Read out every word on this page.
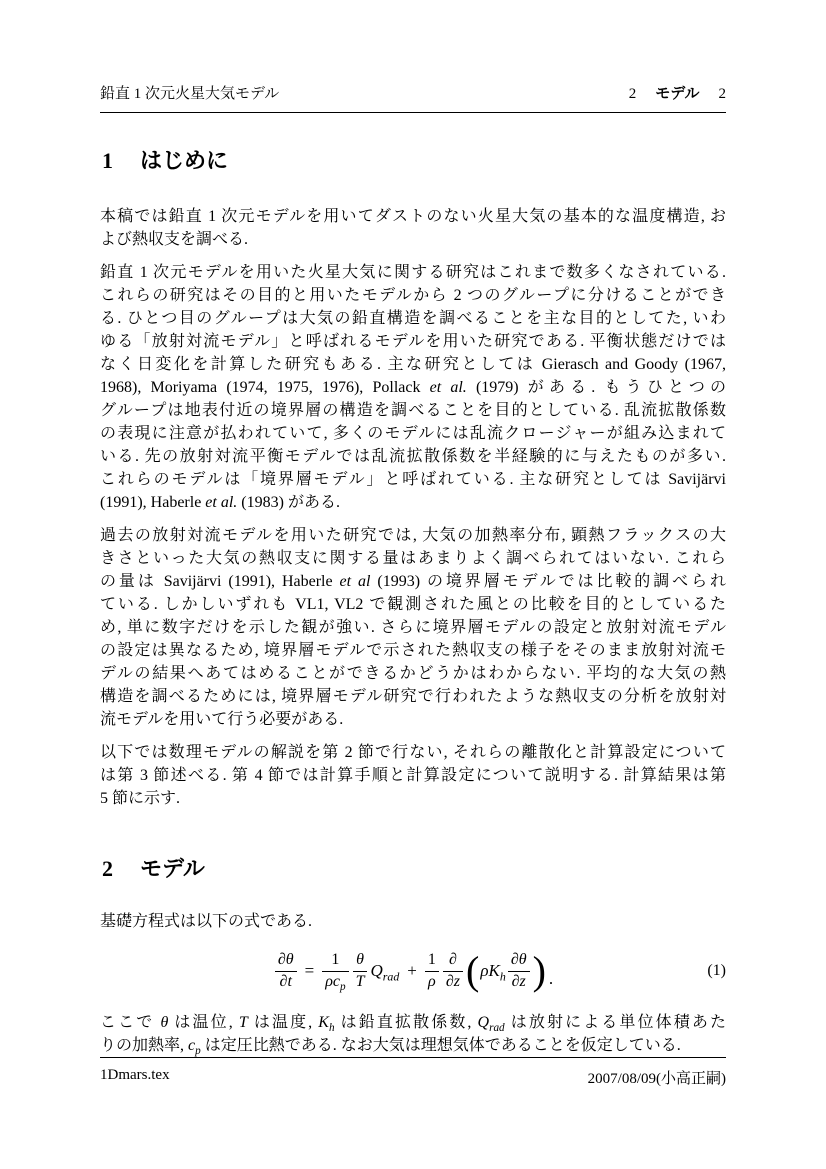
鉛直 1 次元火星大気モデル	2 モデル 2
1 はじめに
本稿では鉛直 1 次元モデルを用いてダストのない火星大気の基本的な温度構造, お
よび熱収支を調べる.
鉛直 1 次元モデルを用いた火星大気に関する研究はこれまで数多くなされている.
これらの研究はその目的と用いたモデルから 2 つのグループに分けることができ
る. ひとつ目のグループは大気の鉛直構造を調べることを主な目的としてた, いわ
ゆる「放射対流モデル」と呼ばれるモデルを用いた研究である. 平衡状態だけでは
なく日変化を計算した研究もある. 主な研究としては Gierasch and Goody (1967,
1968), Moriyama (1974, 1975, 1976), Pollack et al. (1979) がある. もうひとつの
グループは地表付近の境界層の構造を調べることを目的としている. 乱流拡散係数
の表現に注意が払われていて, 多くのモデルには乱流クロージャーが組み込まれて
いる. 先の放射対流平衡モデルでは乱流拡散係数を半経験的に与えたものが多い.
これらのモデルは「境界層モデル」と呼ばれている. 主な研究としては Savijärvi
(1991), Haberle et al. (1983) がある.
過去の放射対流モデルを用いた研究では, 大気の加熱率分布, 顕熱フラックスの大
きさといった大気の熱収支に関する量はあまりよく調べられてはいない. これら
の量は Savijärvi (1991), Haberle et al (1993) の境界層モデルでは比較的調べられ
ている. しかしいずれも VL1, VL2 で観測された風との比較を目的としているた
め, 単に数字だけを示した観が強い. さらに境界層モデルの設定と放射対流モデル
の設定は異なるため, 境界層モデルで示された熱収支の様子をそのまま放射対流モ
デルの結果へあてはめることができるかどうかはわからない. 平均的な大気の熱
構造を調べるためには, 境界層モデル研究で行われたような熱収支の分析を放射対
流モデルを用いて行う必要がある.
以下では数理モデルの解説を第 2 節で行ない, それらの離散化と計算設定について
は第 3 節述べる. 第 4 節では計算手順と計算設定について説明する. 計算結果は第
5 節に示す.
2 モデル
基礎方程式は以下の式である.
$\frac{\partial\theta}{\partial t} = \frac{1}{\rho c_p} \frac{\theta}{T} Q_{rad} + \frac{1}{\rho} \frac{\partial}{\partial z}$ ( $\rho K_h \frac{\partial\theta}{\partial z}$ ) .	(1)
ここで θ は温位, T は温度, $K_h$ は鉛直拡散係数, $Q_{rad}$ は放射による単位体積あた
りの加熱率, $c_p$ は定圧比熱である. なお大気は理想気体であることを仮定している.
1Dmars.tex	2007/08/09(小高正嗣)
